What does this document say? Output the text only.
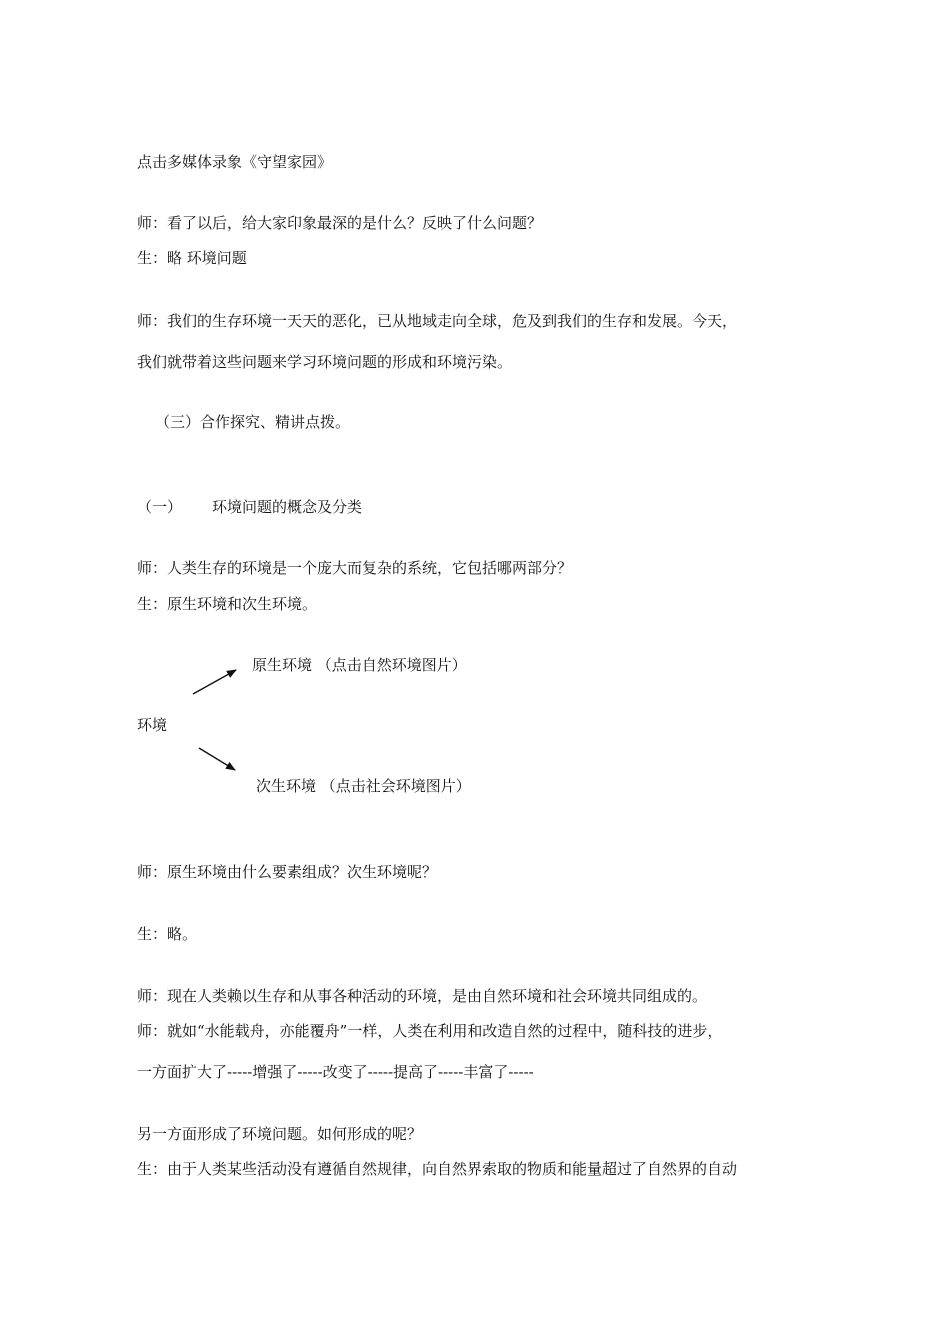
点击多媒体录象《守望家园》
师：看了以后，给大家印象最深的是什么？反映了什么问题？
生：略 环境问题
师：我们的生存环境一天天的恶化，已从地域走向全球，危及到我们的生存和发展。今天，
我们就带着这些问题来学习环境问题的形成和环境污染。
（三）合作探究、精讲点拨。
（一） 环境问题的概念及分类
师：人类生存的环境是一个庞大而复杂的系统，它包括哪两部分？
生：原生环境和次生环境。
原生环境 （点击自然环境图片）
环境
次生环境 （点击社会环境图片）
师：原生环境由什么要素组成？次生环境呢？
生：略。
师：现在人类赖以生存和从事各种活动的环境，是由自然环境和社会环境共同组成的。
师：就如“水能载舟，亦能覆舟”一样，人类在利用和改造自然的过程中，随科技的进步，
一方面扩大了-----增强了-----改变了-----提高了-----丰富了-----
另一方面形成了环境问题。如何形成的呢？
生：由于人类某些活动没有遵循自然规律，向自然界索取的物质和能量超过了自然界的自动
